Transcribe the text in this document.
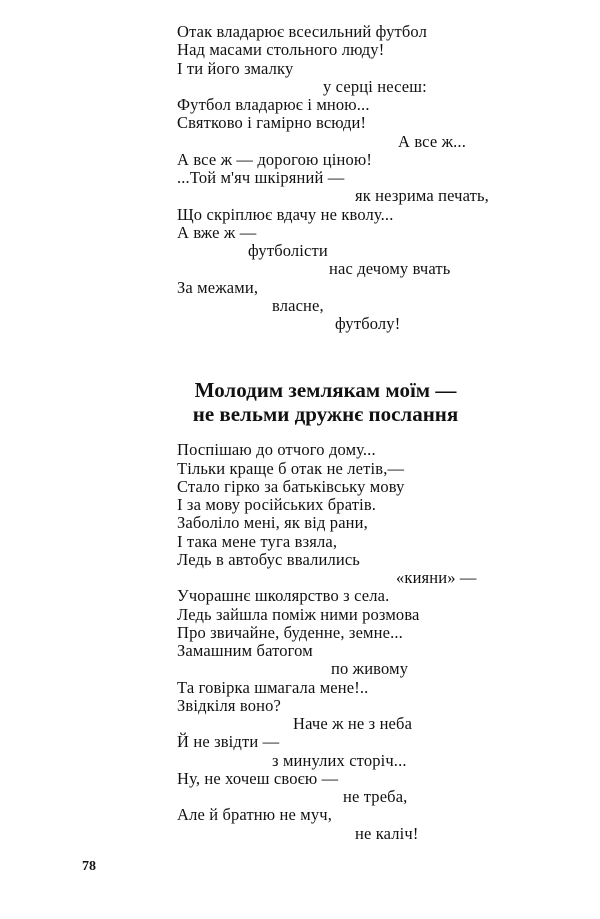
Отак владарює всесильний футбол
Над масами стольного люду!
І ти його змалку
у серці несеш:
Футбол владарює і мною...
Святково і гамірно всюди!
А все ж...
А все ж — дорогою ціною!
...Той м'яч шкіряний —
як незрима печать,
Що скріплює вдачу не кволу...
А вже ж —
футболісти
нас дечому вчать
За межами,
власне,
футболу!
Молодим землякам моїм —
не вельми дружнє послання
Поспішаю до отчого дому...
Тільки краще б отак не летів,—
Стало гірко за батьківську мову
І за мову російських братів.
Заболіло мені, як від рани,
І така мене туга взяла,
Ледь в автобус ввалились
«кияни» —
Учорашнє школярство з села.
Ледь зайшла поміж ними розмова
Про звичайне, буденне, земне...
Замашним батогом
по живому
Та говірка шмагала мене!..
Звідкіля воно?
Наче ж не з неба
Й не звідти —
з минулих сторіч...
Ну, не хочеш своєю —
не треба,
Але й братню не муч,
не каліч!
78
